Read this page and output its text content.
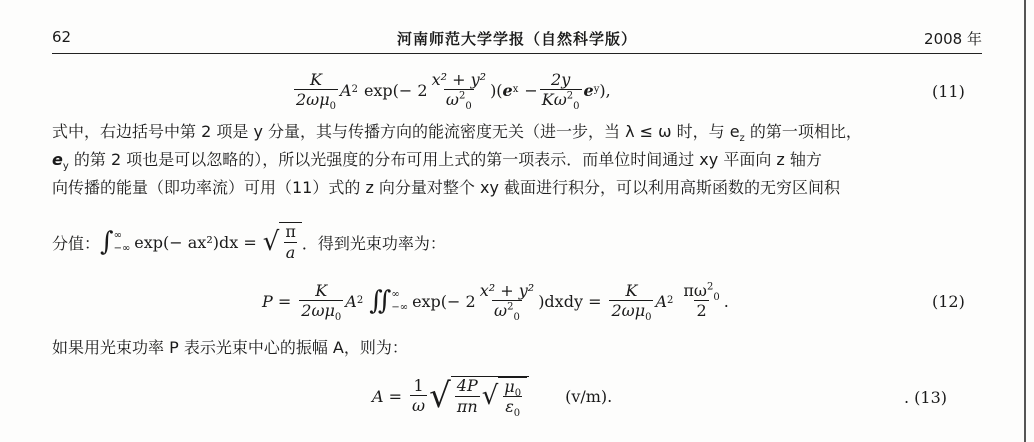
62	河南师范大学学报（自然科学版）	2008 年
$\frac{K}{2\omega\mu_0}$ A 2 $\exp(- 2 \frac{\text{x² + y²}}{\omega^2_0}$ )( e $x - \frac{2y}{K\omega^2_0}$ e y ),	(11)
式中，右边括号中第 2 项是 y 分量，其与传播方向的能流密度无关（进一步，当 λ ≤ ω 时，与 $e_z$ 的第一项相比，
$e_y$ 的第 2 项也是可以忽略的），所以光强度的分布可用上式的第一项表示．而单位时间通过 xy 平面向 z 轴方
向传播的能量（即功率流）可用（11）式的 z 向分量对整个 xy 截面进行积分，可以利用高斯函数的无穷区间积
分值： ∫ ∞
−∞ exp(− ax²)dx = √ $\frac{\pi}{a}$ ．得到光束功率为：
$P = \frac{K}{2\omega\mu_0}$ A 2 ∬ ∞
−∞ $\exp(- 2 \frac{\text{x² + y²}}{\omega^2_0}$ )dxdy = $\frac{K}{2\omega\mu_0}$ A $2 \frac{\pi\omega^2_0}{2}$ .	(12)
如果用光束功率 P 表示光束中心的振幅 A，则为：
$A = \frac{1}{\omega}$ √ $\frac{4P}{\pi n}$ √ $\frac{\mu_0}{\varepsilon_0}$	(v/m).	. (13)
